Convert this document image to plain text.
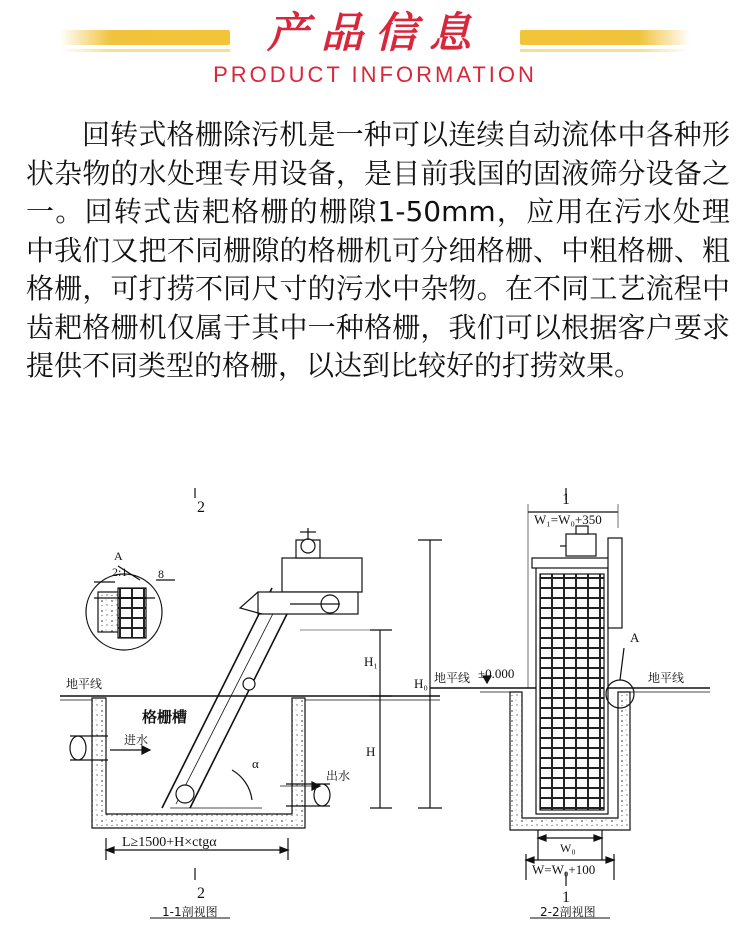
产品信息
PRODUCT INFORMATION

回转式格栅除污机是一种可以连续自动流体中各种形状杂物的水处理专用设备，是目前我国的固液筛分设备之一。回转式齿耙格栅的栅隙1-50mm，应用在污水处理中我们又把不同栅隙的格栅机可分细格栅、中粗格栅、粗格栅，可打捞不同尺寸的污水中杂物。在不同工艺流程中齿耙格栅机仅属于其中一种格栅，我们可以根据客户要求提供不同类型的格栅，以达到比较好的打捞效果。

2
A
2:1	8
地平线
格栅槽
进水
出水
α
H₁
H
H₀
L≥1500+H×ctgα
2
1-1剖视图
1
W₁=W₀+350
地平线 ±0.000	地平线
A
W₀
W=W₀+100
1
2-2剖视图
